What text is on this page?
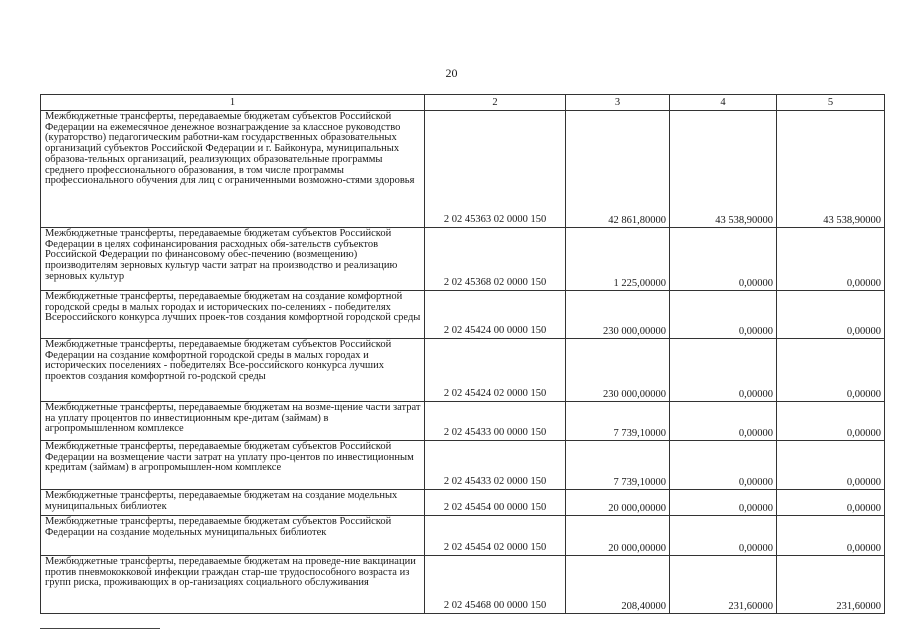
20
1	2	3	4	5
Межбюджетные трансферты, передаваемые бюджетам субъектов Российской Федерации на ежемесячное денежное вознаграждение за классное руководство (кураторство) педагогическим работни-кам государственных образовательных организаций субъектов Российской Федерации и г. Байконура, муниципальных образова-тельных организаций, реализующих образовательные программы среднего профессионального образования, в том числе программы профессионального обучения для лиц с ограниченными возможно-стями здоровья	2 02 45363 02 0000 150	42 861,80000	43 538,90000	43 538,90000
Межбюджетные трансферты, передаваемые бюджетам субъектов Российской Федерации в целях софинансирования расходных обя-зательств субъектов Российской Федерации по финансовому обес-печению (возмещению) производителям зерновых культур части затрат на производство и реализацию зерновых культур	2 02 45368 02 0000 150	1 225,00000	0,00000	0,00000
Межбюджетные трансферты, передаваемые бюджетам на создание комфортной городской среды в малых городах и исторических по-селениях - победителях Всероссийского конкурса лучших проек-тов создания комфортной городской среды	2 02 45424 00 0000 150	230 000,00000	0,00000	0,00000
Межбюджетные трансферты, передаваемые бюджетам субъектов Российской Федерации на создание комфортной городской среды в малых городах и исторических поселениях - победителях Все-российского конкурса лучших проектов создания комфортной го-родской среды	2 02 45424 02 0000 150	230 000,00000	0,00000	0,00000
Межбюджетные трансферты, передаваемые бюджетам на возме-щение части затрат на уплату процентов по инвестиционным кре-дитам (займам) в агропромышленном комплексе	2 02 45433 00 0000 150	7 739,10000	0,00000	0,00000
Межбюджетные трансферты, передаваемые бюджетам субъектов Российской Федерации на возмещение части затрат на уплату про-центов по инвестиционным кредитам (займам) в агропромышлен-ном комплексе	2 02 45433 02 0000 150	7 739,10000	0,00000	0,00000
Межбюджетные трансферты, передаваемые бюджетам на создание модельных муниципальных библиотек	2 02 45454 00 0000 150	20 000,00000	0,00000	0,00000
Межбюджетные трансферты, передаваемые бюджетам субъектов Российской Федерации на создание модельных муниципальных библиотек	2 02 45454 02 0000 150	20 000,00000	0,00000	0,00000
Межбюджетные трансферты, передаваемые бюджетам на проведе-ние вакцинации против пневмококковой инфекции граждан стар-ше трудоспособного возраста из групп риска, проживающих в ор-ганизациях социального обслуживания	2 02 45468 00 0000 150	208,40000	231,60000	231,60000
